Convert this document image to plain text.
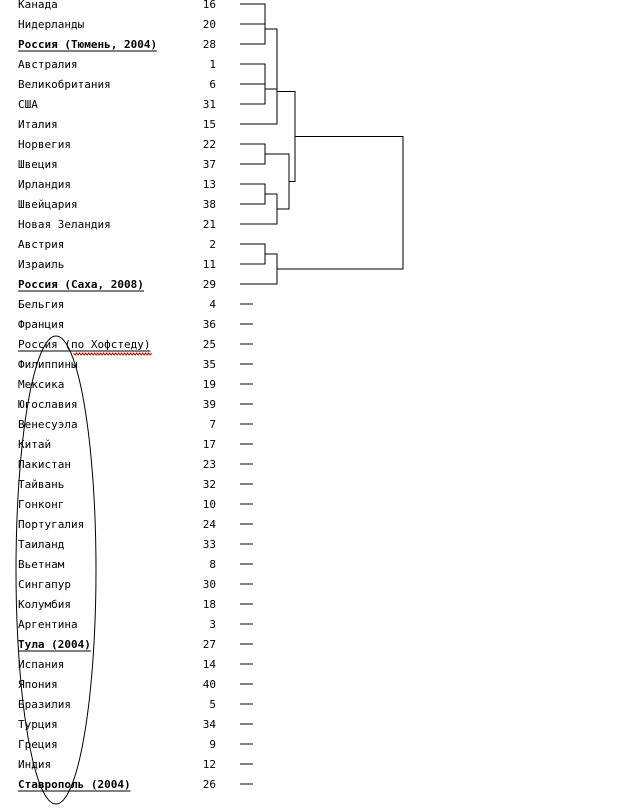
Канада	16
Нидерланды	20
Россия (Тюмень, 2004)	28
Австралия	1
Великобритания	6
США	31
Италия	15
Норвегия	22
Швеция	37
Ирландия	13
Швейцария	38
Новая Зеландия	21
Австрия	2
Израиль	11
Россия (Саха, 2008)	29
Бельгия	4
Франция	36
Россия (по Хофстеду)	25
Филиппины	35
Мексика	19
Югославия	39
Венесуэла	7
Китай	17
Пакистан	23
Тайвань	32
Гонконг	10
Португалия	24
Таиланд	33
Вьетнам	8
Сингапур	30
Колумбия	18
Аргентина	3
Тула (2004)	27
Испания	14
Япония	40
Бразилия	5
Турция	34
Греция	9
Индия	12
Ставрополь (2004)	26
